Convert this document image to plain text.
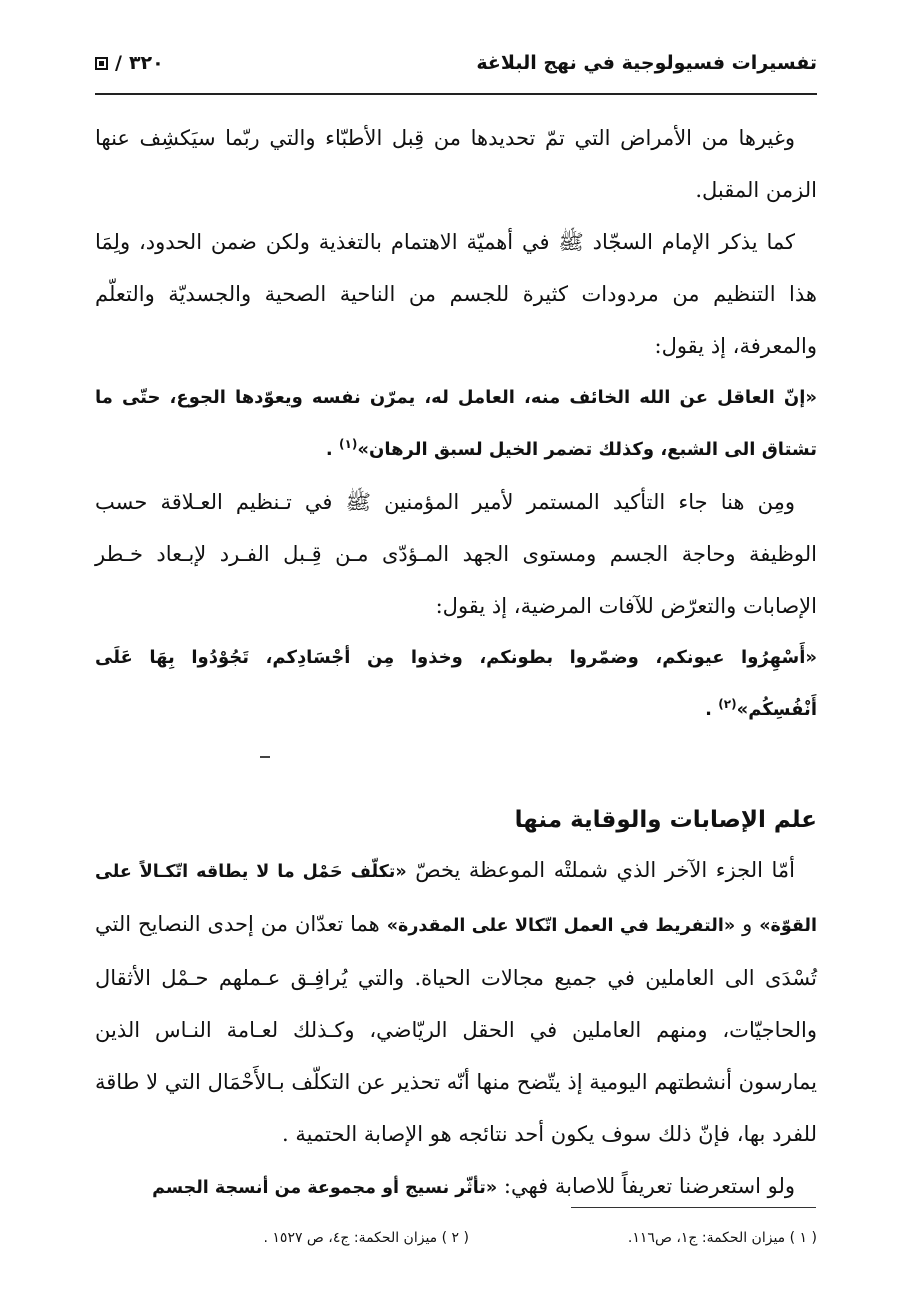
تفسيرات فسيولوجية في نهج البلاغة
٣٢٠
/

وغيرها من الأمراض التي تمّ تحديدها من قِبل الأطبّاء والتي ربّما سيَكشِف عنها الزمن المقبل.

كما يذكر الإمام السجّاد ﷺ في أهميّة الاهتمام بالتغذية ولكن ضمن الحدود، ولِمَا هذا التنظيم من مردودات كثيرة للجسم من الناحية الصحية والجسديّة والتعلّم والمعرفة، إذ يقول:

«إنّ العاقل عن الله الخائف منه، العامل له، يمرّن نفسه ويعوّدها الجوع، حتّى ما تشتاق الى الشبع، وكذلك تضمر الخيل لسبق الرهان»$^{(١)}$ .

ومِن هنا جاء التأكيد المستمر لأمير المؤمنين ﷺ في تـنظيم العـلاقة حسب الوظيفة وحاجة الجسم ومستوى الجهد المـؤدّى مـن قِـبل الفـرد لإبـعاد خـطر الإصابات والتعرّض للآفات المرضية، إذ يقول:

«أَسْهِرُوا عيونكم، وضمّروا بطونكم، وخذوا مِن أجْسَادِكم، تَجُوْدُوا بِهَا عَلَى أَنْفُسِكُم»$^{(٢)}$ .

علم الإصابات والوقاية منها

أمّا الجزء الآخر الذي شملتْه الموعظة يخصّ «تكلّف حَمْل ما لا يطاقه اتّكـالاً على القوّة» و «التفريط في العمل اتّكالا على المقدرة» هما تعدّان من إحدى النصايح التي تُسْدَى الى العاملين في جميع مجالات الحياة. والتي يُرافِـق عـملهم حـمْل الأثقال والحاجيّات، ومنهم العاملين في الحقل الريّاضي، وكـذلك لعـامة النـاس الذين يمارسون أنشطتهم اليومية إذ يتّضح منها أنّه تحذير عن التكلّف بـالأَحْمَال التي لا طاقة للفرد بها، فإنّ ذلك سوف يكون أحد نتائجه هو الإصابة الحتمية .

ولو استعرضنا تعريفاً للاصابة فهي: «تأثّر نسيج أو مجموعة من أنسجة الجسم

( ١ ) ميزان الحكمة: ج١، ص١١٦.
( ٢ ) ميزان الحكمة: ج٤، ص ١٥٢٧ .
